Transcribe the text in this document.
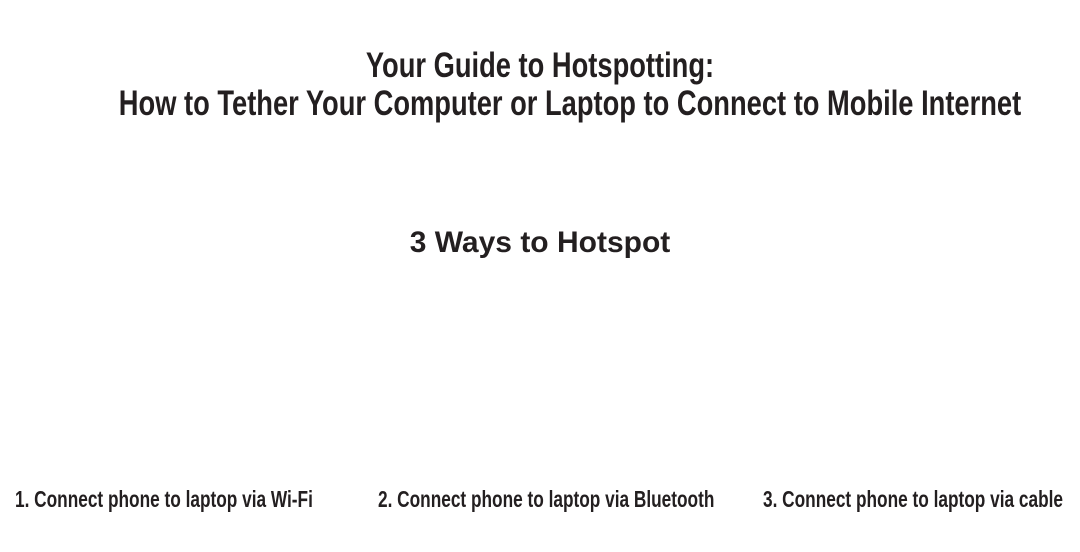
Your Guide to Hotspotting:
How to Tether Your Computer or Laptop to Connect to Mobile Internet
3 Ways to Hotspot
1. Connect phone to laptop via Wi-Fi	2. Connect phone to laptop via Bluetooth 3. Connect phone to laptop via cable
